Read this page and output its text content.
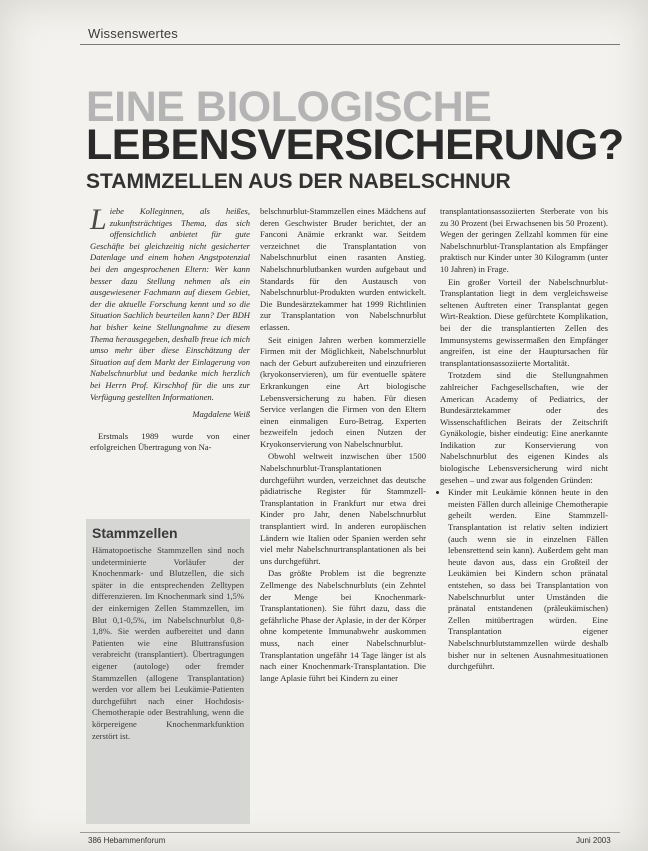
Wissenswertes
EINE BIOLOGISCHE
LEBENSVERSICHERUNG?
STAMMZELLEN AUS DER NABELSCHNUR

Liebe Kolleginnen, als heißes, zukunftsträchtiges Thema, das sich offensichtlich anbietet für gute Geschäfte bei gleichzeitig nicht gesicherter Datenlage und einem hohen Angstpotenzial bei den angesprochenen Eltern: Wer kann besser dazu Stellung nehmen als ein ausgewiesener Fachmann auf diesem Gebiet, der die aktuelle Forschung kennt und so die Situation Sachlich beurteilen kann? Der BDH hat bisher keine Stellungnahme zu diesem Thema herausgegeben, deshalb freue ich mich umso mehr über diese Einschätzung der Situation auf dem Markt der Einlagerung von Nabelschnurblut und bedanke mich herzlich bei Herrn Prof. Kirschhof für die uns zur Verfügung gestellten Informationen.

Magdalene Weiß

Erstmals 1989 wurde von einer erfolgreichen Übertragung von Na-

Stammzellen
Hämatopoetische Stammzellen sind noch undeterminierte Vorläufer der Knochenmark- und Blutzellen, die sich später in die entsprechenden Zelltypen differenzieren. Im Knochenmark sind 1,5% der einkernigen Zellen Stammzellen, im Blut 0,1-0,5%, im Nabelschnurblut 0,8-1,8%. Sie werden aufbereitet und dann Patienten wie eine Bluttransfusion verabreicht (transplantiert). Übertragungen eigener (autologe) oder fremder Stammzellen (allogene Transplantation) werden vor allem bei Leukämie-Patienten durchgeführt nach einer Hochdosis-Chemotherapie oder Bestrahlung, wenn die körpereigene Knochenmarkfunktion zerstört ist.

belschnurblut-Stammzellen eines Mädchens auf deren Geschwister Bruder berichtet, der an Fanconi Anämie erkrankt war. Seitdem verzeichnet die Transplantation von Nabelschnurblut einen rasanten Anstieg. Nabelschnurblutbanken wurden aufgebaut und Standards für den Austausch von Nabelschnurblut-Produkten wurden entwickelt. Die Bundesärztekammer hat 1999 Richtlinien zur Transplantation von Nabelschnurblut erlassen.

Seit einigen Jahren werben kommerzielle Firmen mit der Möglichkeit, Nabelschnurblut nach der Geburt aufzubereiten und einzufrieren (kryokonservieren), um für eventuelle spätere Erkrankungen eine Art biologische Lebensversicherung zu haben. Für diesen Service verlangen die Firmen von den Eltern einen einmaligen Euro-Betrag. Experten bezweifeln jedoch einen Nutzen der Kryokonservierung von Nabelschnurblut.

Obwohl weltweit inzwischen über 1500 Nabelschnurblut-Transplantationen durchgeführt wurden, verzeichnet das deutsche pädiatrische Register für Stammzell-Transplantation in Frankfurt nur etwa drei Kinder pro Jahr, denen Nabelschnurblut transplantiert wird. In anderen europäischen Ländern wie Italien oder Spanien werden sehr viel mehr Nabelschnurtransplantationen als bei uns durchgeführt.

Das größte Problem ist die begrenzte Zellmenge des Nabelschnurbluts (ein Zehntel der Menge bei Knochenmark-Transplantationen). Sie führt dazu, dass die gefährliche Phase der Aplasie, in der der Körper ohne kompetente Immunabwehr auskommen muss, nach einer Nabelschnurblut-Transplantation ungefähr 14 Tage länger ist als nach einer Knochenmark-Transplantation. Die lange Aplasie führt bei Kindern zu einer

transplantationsassoziierten Sterberate von bis zu 30 Prozent (bei Erwachsenen bis 50 Prozent). Wegen der geringen Zellzahl kommen für eine Nabelschnurblut-Transplantation als Empfänger praktisch nur Kinder unter 30 Kilogramm (unter 10 Jahren) in Frage.

Ein großer Vorteil der Nabelschnurblut-Transplantation liegt in dem vergleichsweise seltenen Auftreten einer Transplantat gegen Wirt-Reaktion. Diese gefürchtete Komplikation, bei der die transplantierten Zellen des Immunsystems gewissermaßen den Empfänger angreifen, ist eine der Hauptursachen für transplantationsassoziierte Mortalität.

Trotzdem sind die Stellungnahmen zahlreicher Fachgesellschaften, wie der American Academy of Pediatrics, der Bundesärztekammer oder des Wissenschaftlichen Beirats der Zeitschrift Gynäkologie, bisher eindeutig: Eine anerkannte Indikation zur Konservierung von Nabelschnurblut des eigenen Kindes als biologische Lebensversicherung wird nicht gesehen – und zwar aus folgenden Gründen:

• Kinder mit Leukämie können heute in den meisten Fällen durch alleinige Chemotherapie geheilt werden. Eine Stammzell-Transplantation ist relativ selten indiziert (auch wenn sie in einzelnen Fällen lebensrettend sein kann). Außerdem geht man heute davon aus, dass ein Großteil der Leukämien bei Kindern schon pränatal entstehen, so dass bei Transplantation von Nabelschnurblut unter Umständen die pränatal entstandenen (präleukämischen) Zellen mitübertragen würden. Eine Transplantation eigener Nabelschnurblutstammzellen würde deshalb bisher nur in seltenen Ausnahmesituationen durchgeführt.
386 Hebammenforum	Juni 2003
